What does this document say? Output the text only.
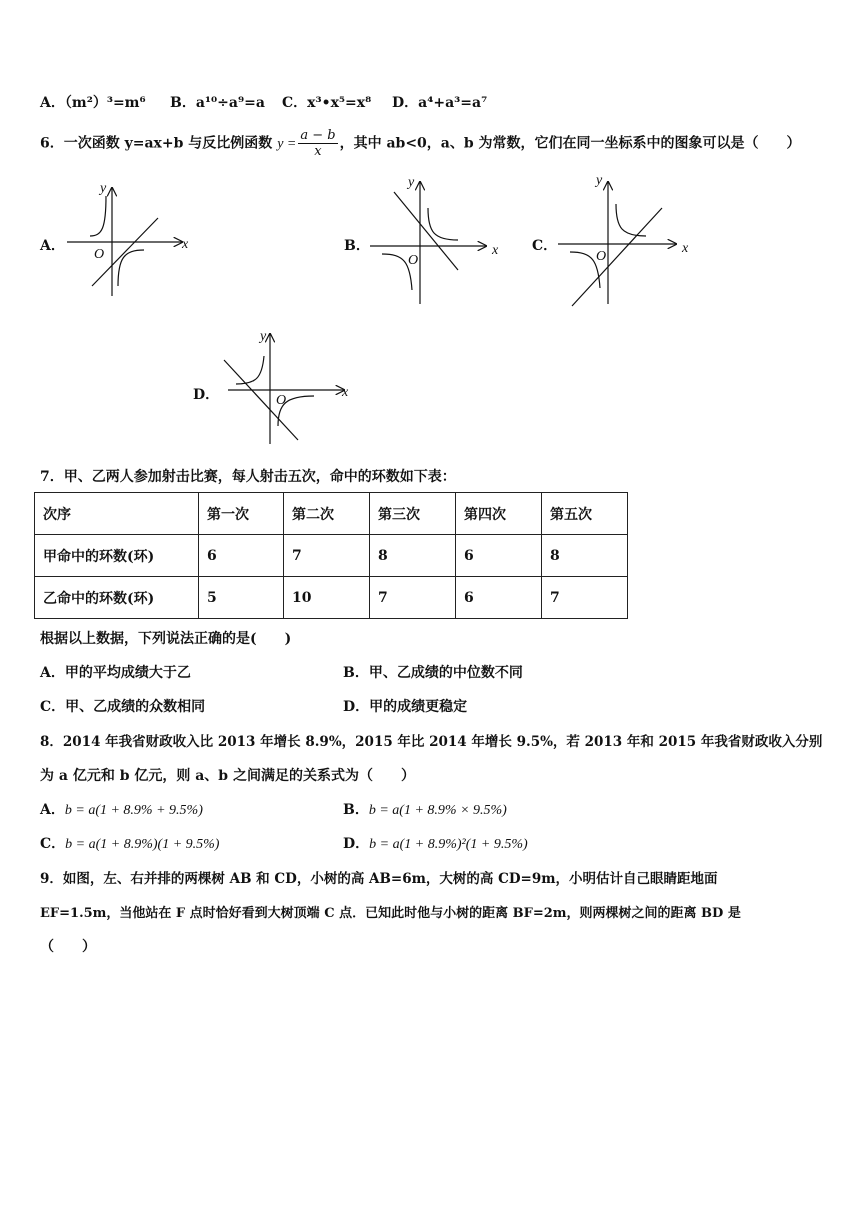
A．（m²）³=m⁶ B．a¹⁰÷a⁹=a C．x³•x⁵=x⁸ D．a⁴+a³=a⁷
6．一次函数 y=ax+b 与反比例函数 $y = \frac{a - b}{x}$ ，其中 ab<0，a、b 为常数，它们在同一坐标系中的图象可以是（　　）
A．	x
y
O
B．	x
y
O
C．	x
y
O
D．	x
y
O
7．甲、乙两人参加射击比赛，每人射击五次，命中的环数如下表：
次序	第一次	第二次	第三次	第四次	第五次
甲命中的环数(环)	6	7	8	6	8
乙命中的环数(环)	5	10	7	6	7
根据以上数据，下列说法正确的是(　　)
A．甲的平均成绩大于乙	B．甲、乙成绩的中位数不同
C．甲、乙成绩的众数相同	D．甲的成绩更稳定
8．2014 年我省财政收入比 2013 年增长 8.9%，2015 年比 2014 年增长 9.5%，若 2013 年和 2015 年我省财政收入分别
为 a 亿元和 b 亿元，则 a、b 之间满足的关系式为（　　）
A．b = a(1 + 8.9% + 9.5%)	B．b = a(1 + 8.9% × 9.5%)
C．b = a(1 + 8.9%)(1 + 9.5%)	D．b = a(1 + 8.9%)²(1 + 9.5%)
9．如图，左、右并排的两棵树 AB 和 CD，小树的高 AB=6m，大树的高 CD=9m，小明估计自己眼睛距地面
EF=1.5m，当他站在 F 点时恰好看到大树顶端 C 点．已知此时他与小树的距离 BF=2m，则两棵树之间的距离 BD 是
（　　）
